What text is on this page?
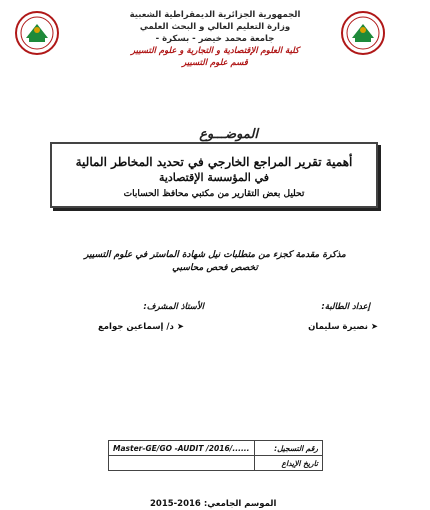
الجمهورية الجزائرية الديمقراطية الشعبية
وزارة التعليم العالي و البحث العلمي
جامعة محمد خيضر - بسكرة -
كلية العلوم الإقتصادية و التجارية و علوم التسيير
قسم علوم التسيير
الموضـــوع
أهمية تقرير المراجع الخارجي في تحديد المخاطر المالية
في المؤسسة الإقتصادية
تحليل بعض التقارير من مكتبي محافظ الحسابات
مذكرة مقدمة كجزء من متطلبات نيل شهادة الماستر في علوم التسيير
تخصص فحص محاسبي
إعداد الطالبة:
➤ نصيرة سليمان
الأستاذ المشرف:
➤ د/ إسماعين جوامع
Master-GE/GO -AUDIT /2016/......	رقم التسجيل:
	تاريخ الإيداع
2015-2016 الموسم الجامعي:
